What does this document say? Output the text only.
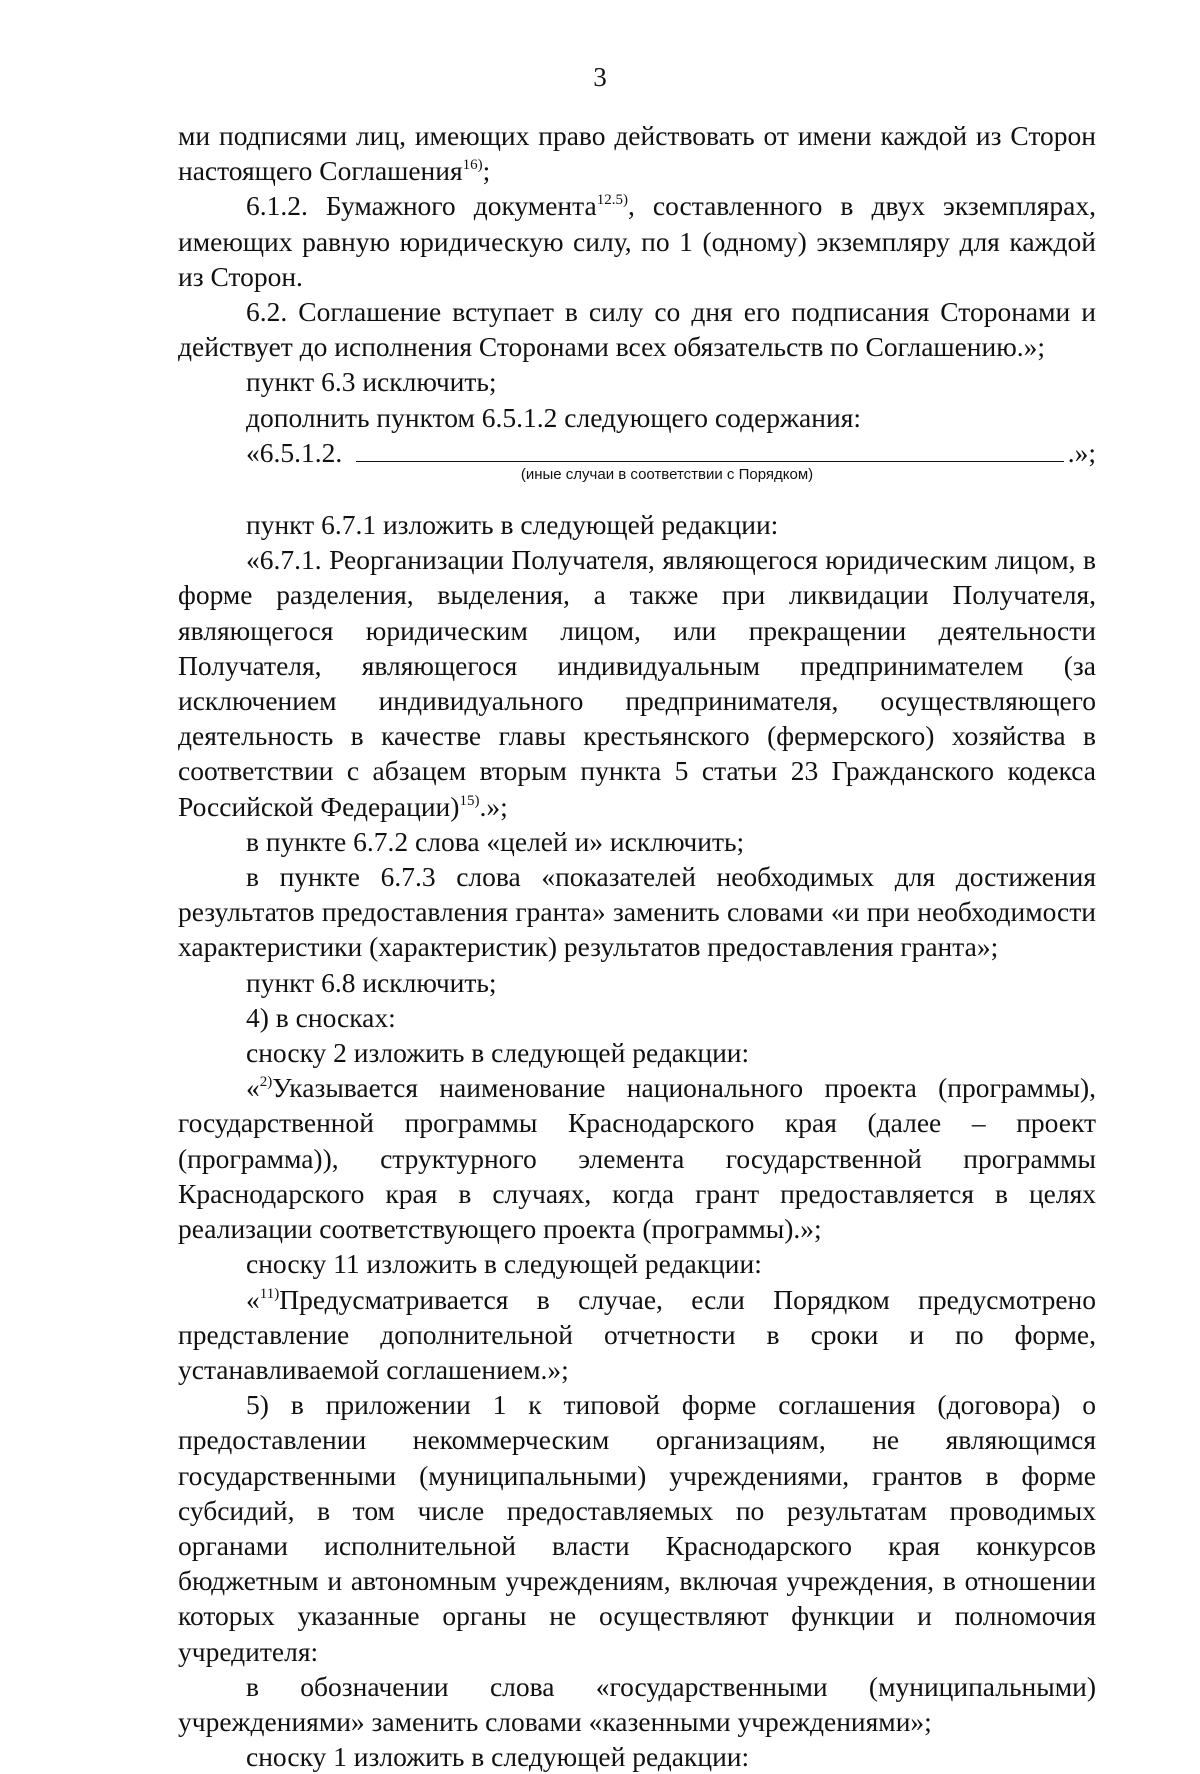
3

ми подписями лиц, имеющих право действовать от имени каждой из Сторон настоящего Соглашения$^{16)}$;

6.1.2. Бумажного документа$^{12.5)}$, составленного в двух экземплярах, имеющих равную юридическую силу, по 1 (одному) экземпляру для каждой из Сторон.

6.2. Соглашение вступает в силу со дня его подписания Сторонами и действует до исполнения Сторонами всех обязательств по Соглашению.»;

пункт 6.3 исключить;

дополнить пунктом 6.5.1.2 следующего содержания:

«6.5.1.2.	.»;
(иные случаи в соответствии с Порядком)

пункт 6.7.1 изложить в следующей редакции:

«6.7.1. Реорганизации Получателя, являющегося юридическим лицом, в форме разделения, выделения, а также при ликвидации Получателя, являющегося юридическим лицом, или прекращении деятельности Получателя, являющегося индивидуальным предпринимателем (за исключением индивидуального предпринимателя, осуществляющего деятельность в качестве главы крестьянского (фермерского) хозяйства в соответствии с абзацем вторым пункта 5 статьи 23 Гражданского кодекса Российской Федерации)$^{15)}$.»;

в пункте 6.7.2 слова «целей и» исключить;

в пункте 6.7.3 слова «показателей необходимых для достижения результатов предоставления гранта» заменить словами «и при необходимости характеристики (характеристик) результатов предоставления гранта»;

пункт 6.8 исключить;

4) в сносках:

сноску 2 изложить в следующей редакции:

«$^{2)}$Указывается наименование национального проекта (программы), государственной программы Краснодарского края (далее – проект (программа)), структурного элемента государственной программы Краснодарского края в случаях, когда грант предоставляется в целях реализации соответствующего проекта (программы).»;

сноску 11 изложить в следующей редакции:

«$^{11)}$Предусматривается в случае, если Порядком предусмотрено представление дополнительной отчетности в сроки и по форме, устанавливаемой соглашением.»;

5) в приложении 1 к типовой форме соглашения (договора) о предоставлении некоммерческим организациям, не являющимся государственными (муниципальными) учреждениями, грантов в форме субсидий, в том числе предоставляемых по результатам проводимых органами исполнительной власти Краснодарского края конкурсов бюджетным и автономным учреждениям, включая учреждения, в отношении которых указанные органы не осуществляют функции и полномочия учредителя:

в обозначении слова «государственными (муниципальными) учреждениями» заменить словами «казенными учреждениями»;

сноску 1 изложить в следующей редакции:
